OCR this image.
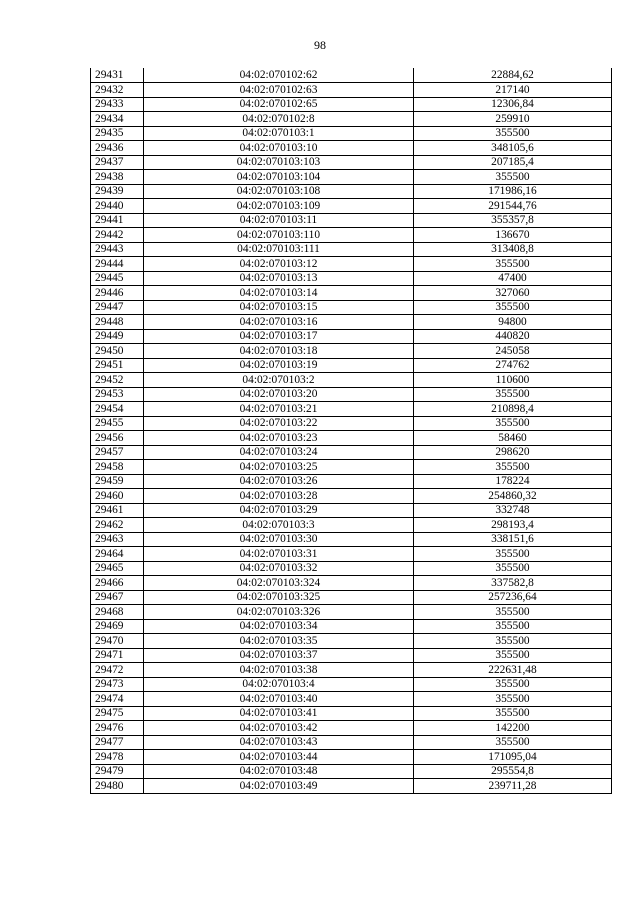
98
29431	04:02:070102:62	22884,62
29432	04:02:070102:63	217140
29433	04:02:070102:65	12306,84
29434	04:02:070102:8	259910
29435	04:02:070103:1	355500
29436	04:02:070103:10	348105,6
29437	04:02:070103:103	207185,4
29438	04:02:070103:104	355500
29439	04:02:070103:108	171986,16
29440	04:02:070103:109	291544,76
29441	04:02:070103:11	355357,8
29442	04:02:070103:110	136670
29443	04:02:070103:111	313408,8
29444	04:02:070103:12	355500
29445	04:02:070103:13	47400
29446	04:02:070103:14	327060
29447	04:02:070103:15	355500
29448	04:02:070103:16	94800
29449	04:02:070103:17	440820
29450	04:02:070103:18	245058
29451	04:02:070103:19	274762
29452	04:02:070103:2	110600
29453	04:02:070103:20	355500
29454	04:02:070103:21	210898,4
29455	04:02:070103:22	355500
29456	04:02:070103:23	58460
29457	04:02:070103:24	298620
29458	04:02:070103:25	355500
29459	04:02:070103:26	178224
29460	04:02:070103:28	254860,32
29461	04:02:070103:29	332748
29462	04:02:070103:3	298193,4
29463	04:02:070103:30	338151,6
29464	04:02:070103:31	355500
29465	04:02:070103:32	355500
29466	04:02:070103:324	337582,8
29467	04:02:070103:325	257236,64
29468	04:02:070103:326	355500
29469	04:02:070103:34	355500
29470	04:02:070103:35	355500
29471	04:02:070103:37	355500
29472	04:02:070103:38	222631,48
29473	04:02:070103:4	355500
29474	04:02:070103:40	355500
29475	04:02:070103:41	355500
29476	04:02:070103:42	142200
29477	04:02:070103:43	355500
29478	04:02:070103:44	171095,04
29479	04:02:070103:48	295554,8
29480	04:02:070103:49	239711,28
